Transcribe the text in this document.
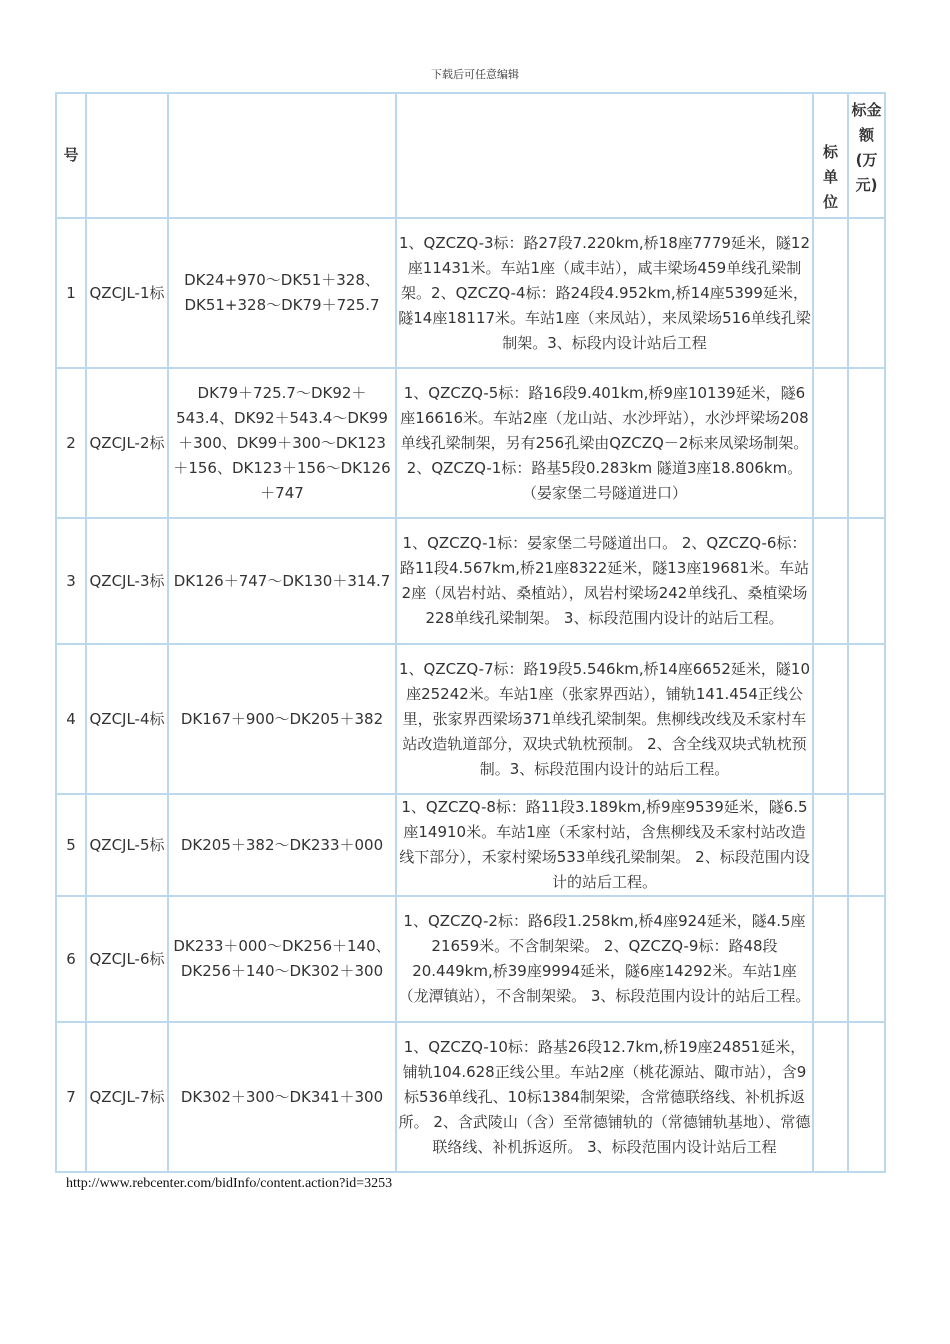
下载后可任意编辑
号				标单位	标金额(万元)
1	QZCJL-1标	DK24+970～DK51＋328、DK51+328～DK79＋725.7	1、QZCZQ-3标：路27段7.220km,桥18座7779延米，隧12座11431米。车站1座（咸丰站），咸丰梁场459单线孔梁制架。2、QZCZQ-4标：路24段4.952km,桥14座5399延米，隧14座18117米。车站1座（来凤站），来凤梁场516单线孔梁制架。3、标段内设计站后工程		
2	QZCJL-2标	DK79＋725.7～DK92＋543.4、DK92＋543.4～DK99＋300、DK99＋300～DK123＋156、DK123＋156～DK126＋747	1、QZCZQ-5标：路16段9.401km,桥9座10139延米，隧6座16616米。车站2座（龙山站、水沙坪站），水沙坪梁场208单线孔梁制架，另有256孔梁由QZCZQ－2标来凤梁场制架。 2、QZCZQ-1标：路基5段0.283km 隧道3座18.806km。（晏家堡二号隧道进口）		
3	QZCJL-3标	DK126＋747～DK130＋314.7	1、QZCZQ-1标：晏家堡二号隧道出口。 2、QZCZQ-6标：路11段4.567km,桥21座8322延米，隧13座19681米。车站2座（凤岩村站、桑植站），凤岩村梁场242单线孔、桑植梁场228单线孔梁制架。 3、标段范围内设计的站后工程。		
4	QZCJL-4标	DK167＋900～DK205＋382	1、QZCZQ-7标：路19段5.546km,桥14座6652延米，隧10座25242米。车站1座（张家界西站），铺轨141.454正线公里，张家界西梁场371单线孔梁制架。焦柳线改线及禾家村车站改造轨道部分，双块式轨枕预制。 2、含全线双块式轨枕预制。3、标段范围内设计的站后工程。		
5	QZCJL-5标	DK205＋382～DK233＋000	1、QZCZQ-8标：路11段3.189km,桥9座9539延米，隧6.5座14910米。车站1座（禾家村站，含焦柳线及禾家村站改造线下部分），禾家村梁场533单线孔梁制架。 2、标段范围内设计的站后工程。		
6	QZCJL-6标	DK233＋000～DK256＋140、DK256＋140～DK302＋300	1、QZCZQ-2标：路6段1.258km,桥4座924延米，隧4.5座21659米。不含制架梁。 2、QZCZQ-9标：路48段20.449km,桥39座9994延米，隧6座14292米。车站1座（龙潭镇站），不含制架梁。 3、标段范围内设计的站后工程。		
7	QZCJL-7标	DK302＋300～DK341＋300	1、QZCZQ-10标：路基26段12.7km,桥19座24851延米，铺轨104.628正线公里。车站2座（桃花源站、陬市站），含9标536单线孔、10标1384制架梁，含常德联络线、补机拆返所。 2、含武陵山（含）至常德铺轨的（常德铺轨基地）、常德联络线、补机拆返所。 3、标段范围内设计站后工程		
http://www.rebcenter.com/bidInfo/content.action?id=3253
